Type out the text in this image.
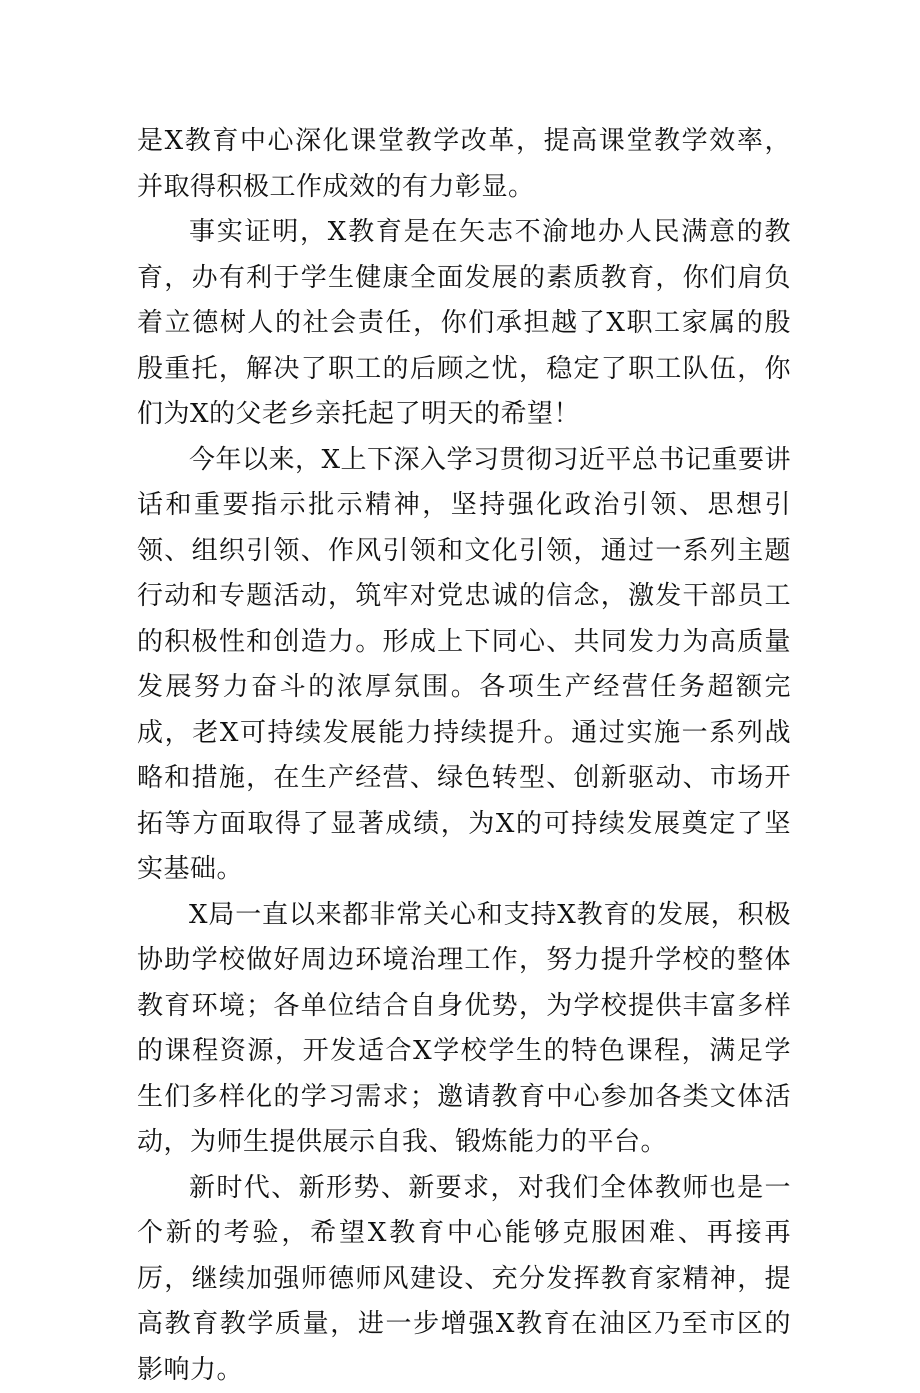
是X教育中心深化课堂教学改革，提高课堂教学效率，并取得积极工作成效的有力彰显。

事实证明，X教育是在矢志不渝地办人民满意的教育，办有利于学生健康全面发展的素质教育，你们肩负着立德树人的社会责任，你们承担越了X职工家属的殷殷重托，解决了职工的后顾之忧，稳定了职工队伍，你们为X的父老乡亲托起了明天的希望！

今年以来，X上下深入学习贯彻习近平总书记重要讲话和重要指示批示精神，坚持强化政治引领、思想引领、组织引领、作风引领和文化引领，通过一系列主题行动和专题活动，筑牢对党忠诚的信念，激发干部员工的积极性和创造力。形成上下同心、共同发力为高质量发展努力奋斗的浓厚氛围。各项生产经营任务超额完成，老X可持续发展能力持续提升。通过实施一系列战略和措施，在生产经营、绿色转型、创新驱动、市场开拓等方面取得了显著成绩，为X的可持续发展奠定了坚实基础。

X局一直以来都非常关心和支持X教育的发展，积极协助学校做好周边环境治理工作，努力提升学校的整体教育环境；各单位结合自身优势，为学校提供丰富多样的课程资源，开发适合X学校学生的特色课程，满足学生们多样化的学习需求；邀请教育中心参加各类文体活动，为师生提供展示自我、锻炼能力的平台。

新时代、新形势、新要求，对我们全体教师也是一个新的考验，希望X教育中心能够克服困难、再接再厉，继续加强师德师风建设、充分发挥教育家精神，提高教育教学质量，进一步增强X教育在油区乃至市区的影响力。
